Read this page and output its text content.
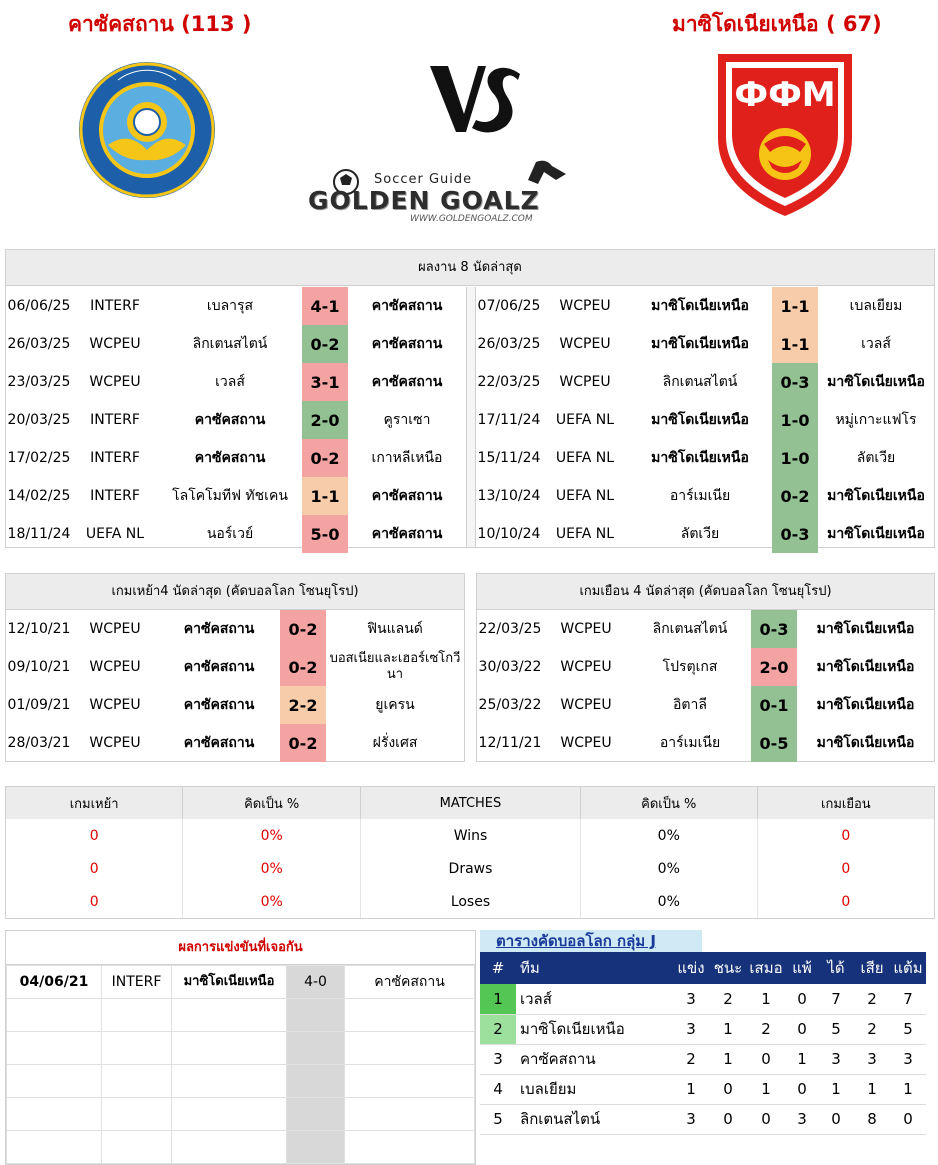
คาซัคสถาน (113 )	มาซิโดเนียเหนือ ( 67)
Soccer Guide
GOLDEN GOALZ
WWW.GOLDENGOALZ.COM
ФФМ
ผลงาน 8 นัดล่าสุด
06/06/25	INTERF	เบลารุส	4-1	คาซัคสถาน
26/03/25	WCPEU	ลิกเตนสไตน์	0-2	คาซัคสถาน
23/03/25	WCPEU	เวลส์	3-1	คาซัคสถาน
20/03/25	INTERF	คาซัคสถาน	2-0	คูราเซา
17/02/25	INTERF	คาซัคสถาน	0-2	เกาหลีเหนือ
14/02/25	INTERF	โลโคโมทีฟ ทัชเคน	1-1	คาซัคสถาน
18/11/24	UEFA NL	นอร์เวย์	5-0	คาซัคสถาน
07/06/25	WCPEU	มาซิโดเนียเหนือ	1-1	เบลเยียม
26/03/25	WCPEU	มาซิโดเนียเหนือ	1-1	เวลส์
22/03/25	WCPEU	ลิกเตนสไตน์	0-3	มาซิโดเนียเหนือ
17/11/24	UEFA NL	มาซิโดเนียเหนือ	1-0	หมู่เกาะแฟโร
15/11/24	UEFA NL	มาซิโดเนียเหนือ	1-0	ลัตเวีย
13/10/24	UEFA NL	อาร์เมเนีย	0-2	มาซิโดเนียเหนือ
10/10/24	UEFA NL	ลัตเวีย	0-3	มาซิโดเนียเหนือ
เกมเหย้า4 นัดล่าสุด (คัดบอลโลก โซนยุโรป)
12/10/21	WCPEU	คาซัคสถาน	0-2	ฟินแลนด์
09/10/21	WCPEU	คาซัคสถาน	0-2	บอสเนียและเฮอร์เซโกวีนา
01/09/21	WCPEU	คาซัคสถาน	2-2	ยูเครน
28/03/21	WCPEU	คาซัคสถาน	0-2	ฝรั่งเศส
เกมเยือน 4 นัดล่าสุด (คัดบอลโลก โซนยุโรป)
22/03/25	WCPEU	ลิกเตนสไตน์	0-3	มาซิโดเนียเหนือ
30/03/22	WCPEU	โปรตุเกส	2-0	มาซิโดเนียเหนือ
25/03/22	WCPEU	อิตาลี	0-1	มาซิโดเนียเหนือ
12/11/21	WCPEU	อาร์เมเนีย	0-5	มาซิโดเนียเหนือ
เกมเหย้า	คิดเป็น %	MATCHES	คิดเป็น %	เกมเยือน
0	0%	Wins	0%	0
0	0%	Draws	0%	0
0	0%	Loses	0%	0
ผลการแข่งขันที่เจอกัน
04/06/21	INTERF	มาซิโดเนียเหนือ	4-0	คาซัคสถาน

ตารางคัดบอลโลก กลุ่ม J
#	ทีม	แข่ง	ชนะ	เสมอ	แพ้	ได้	เสีย	แต้ม
1	เวลส์	3	2	1	0	7	2	7
2	มาซิโดเนียเหนือ	3	1	2	0	5	2	5
3	คาซัคสถาน	2	1	0	1	3	3	3
4	เบลเยียม	1	0	1	0	1	1	1
5	ลิกเตนสไตน์	3	0	0	3	0	8	0
